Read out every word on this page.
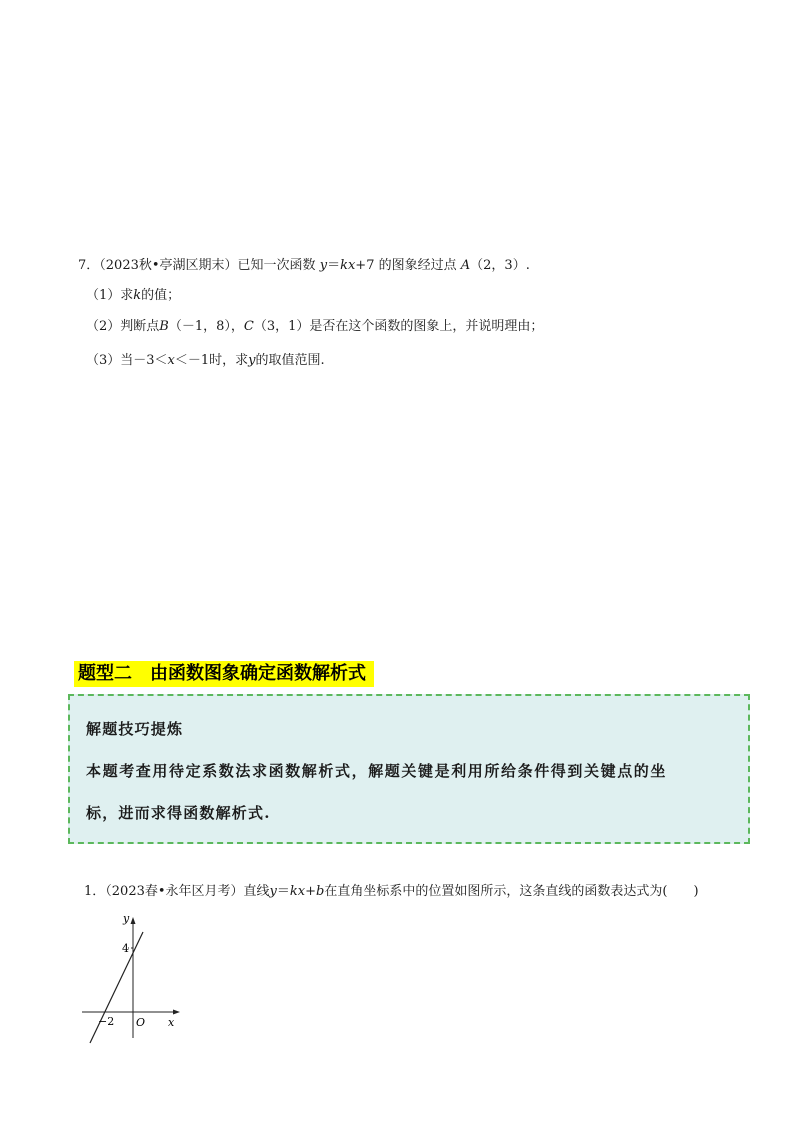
7．（2023秋•亭湖区期末）已知一次函数 y＝kx+7 的图象经过点 A（2，3）.
（1）求k的值；
（2）判断点B（－1，8），C（3，1）是否在这个函数的图象上，并说明理由；
（3）当－3＜x＜－1时，求y的取值范围.
题型二 由函数图象确定函数解析式
解题技巧提炼
本题考查用待定系数法求函数解析式，解题关键是利用所给条件得到关键点的坐
标，进而求得函数解析式.
1．（2023春•永年区月考）直线y＝kx+b在直角坐标系中的位置如图所示，这条直线的函数表达式为(　　)
y
x
O
4
−2
